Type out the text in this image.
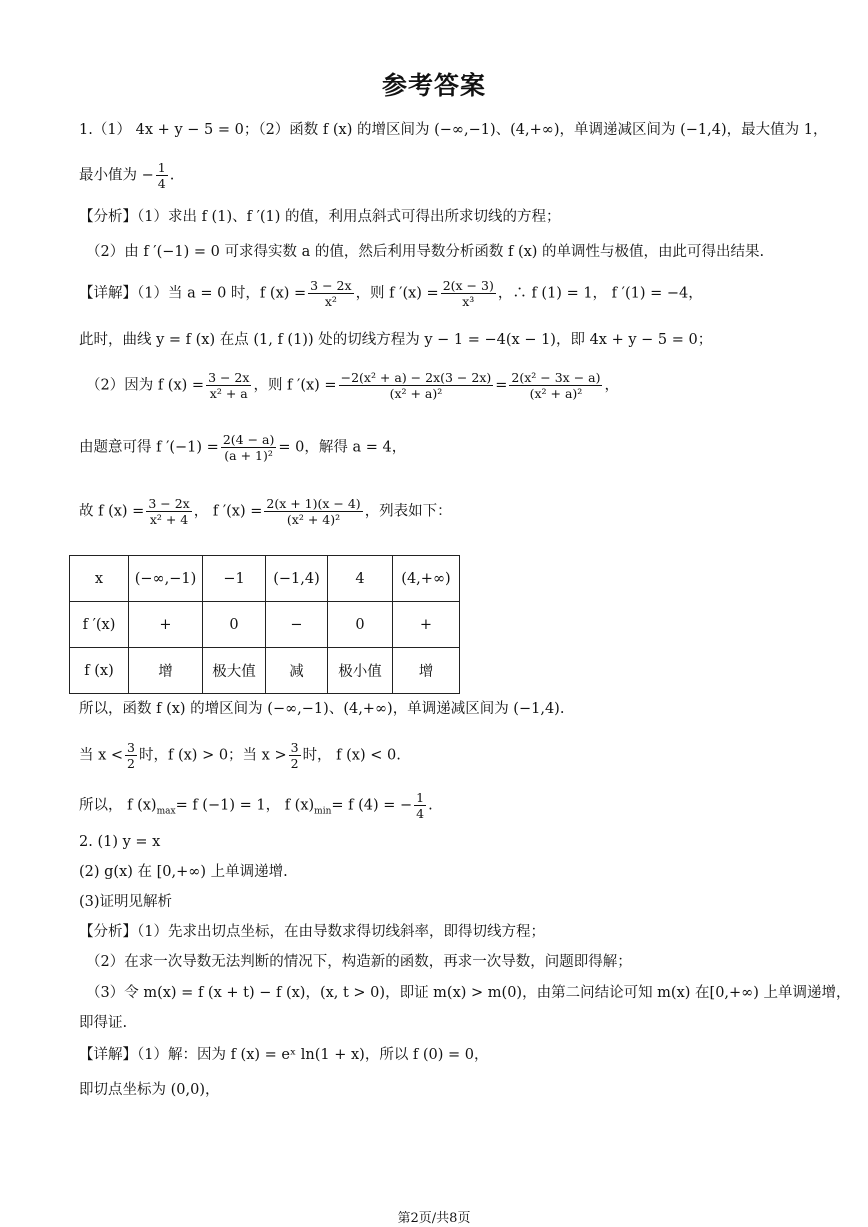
参考答案
1.（1） 4x + y − 5 = 0；（2）函数 f (x) 的增区间为 (−∞,−1)、(4,+∞)，单调递减区间为 (−1,4)，最大值为 1，
最小值为 − $\frac{1}{4}$ .
【分析】（1）求出 f (1)、f ′(1) 的值，利用点斜式可得出所求切线的方程；
（2）由 f ′(−1) = 0 可求得实数 a 的值，然后利用导数分析函数 f (x) 的单调性与极值，由此可得出结果.
【详解】（1）当 a = 0 时，f $(x) = \frac{3 - 2x}{\text{x²}}$ ，则 f $'(x) = \frac{2(x - 3)}{\text{x³}}$ ，∴ f (1) = 1， f ′(1) = −4，
此时，曲线 y = f (x) 在点 (1, f (1)) 处的切线方程为 y − 1 = −4(x − 1)，即 4x + y − 5 = 0；
（2）因为 f $(x) = \frac{3 - 2x}{\text{x² + a}}$ ，则 f $'(x) = \frac{\text{−2(x² + a) − 2x(3 − 2x)}}{\text{(x² + a)²}} = \frac{\text{2(x² − 3x − a)}}{\text{(x² + a)²}}$ ，
由题意可得 f $'(-1) = \frac{2(4 - a)}{\text{(a + 1)²}} = 0$，解得 a = 4，
故 f $(x) = \frac{3 - 2x}{\text{x² + 4}}$ ， f $'(x) = \frac{2(x + 1)(x - 4)}{\text{(x² + 4)²}}$ ，列表如下：
x	(−∞,−1)	−1	(−1,4)	4	(4,+∞)
f ′(x)	+	0	−	0	+
f (x)	增	极大值	减	极小值	增
所以，函数 f (x) 的增区间为 (−∞,−1)、(4,+∞)，单调递减区间为 (−1,4).
当 $x < \frac{3}{2}$ 时，f (x) > 0；当 $x > \frac{3}{2}$ 时， f (x) < 0.
所以， f $(x)_{max}= f$ (−1) = 1， f $(x)_{min}= f$ (4) = − $\frac{1}{4}$ .
2. (1) y = x
(2) g(x) 在 [0,+∞) 上单调递增.
(3)证明见解析
【分析】（1）先求出切点坐标，在由导数求得切线斜率，即得切线方程；
（2）在求一次导数无法判断的情况下，构造新的函数，再求一次导数，问题即得解；
（3）令 m(x) = f (x + t) − f (x)，(x, t > 0)，即证 m(x) > m(0)，由第二问结论可知 m(x) 在[0,+∞) 上单调递增，
即得证.
【详解】（1）解：因为 f (x) = eˣ ln(1 + x)，所以 f (0) = 0，
即切点坐标为 (0,0)，
第2页/共8页
